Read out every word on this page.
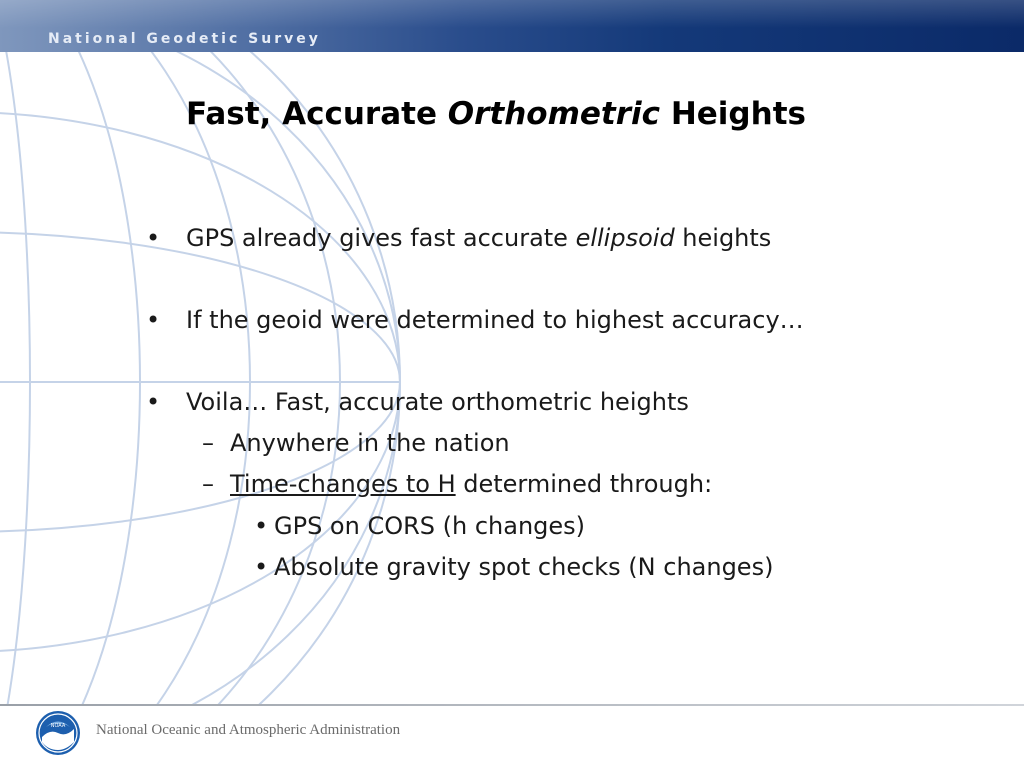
National Geodetic Survey
Fast, Accurate Orthometric Heights
• GPS already gives fast accurate ellipsoid heights
• If the geoid were determined to highest accuracy…
• Voila… Fast, accurate orthometric heights
– Anywhere in the nation
– Time-changes to H determined through:
• GPS on CORS (h changes)
• Absolute gravity spot checks (N changes)
NOAA National Oceanic and Atmospheric Administration
